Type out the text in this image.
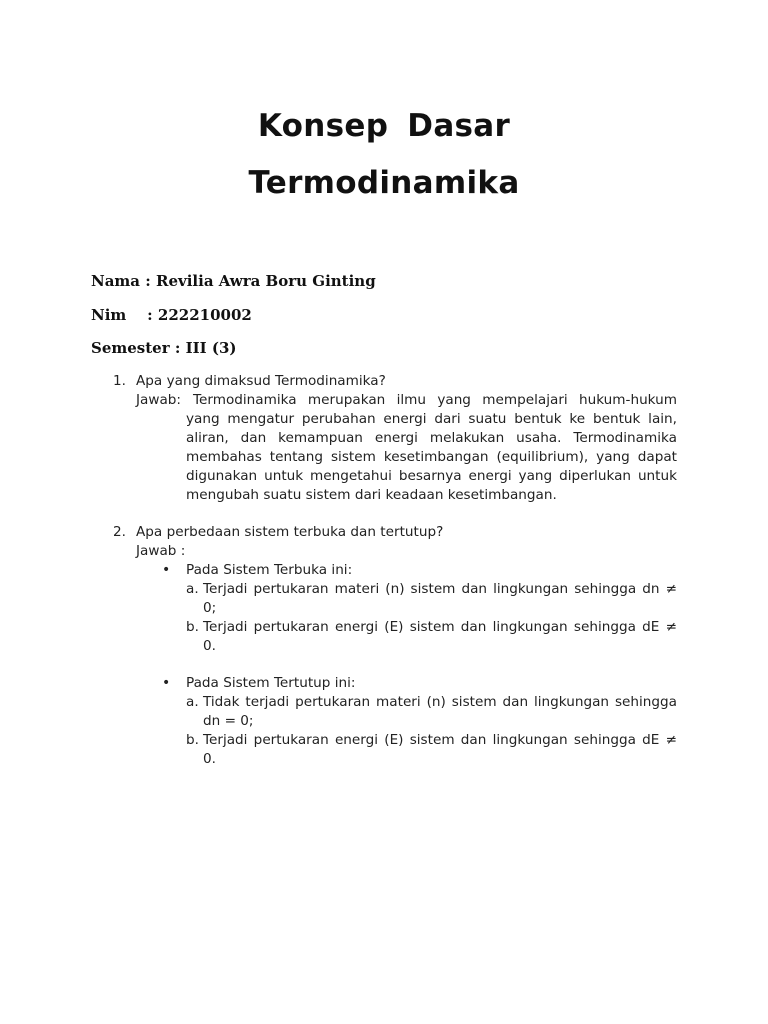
Konsep Dasar
Termodinamika
Nama : Revilia Awra Boru Ginting
Nim    : 222210002
Semester : III (3)
1. Apa yang dimaksud Termodinamika?
Jawab: Termodinamika merupakan ilmu yang mempelajari hukum-hukum
yang mengatur perubahan energi dari suatu bentuk ke bentuk lain,
aliran, dan kemampuan energi melakukan usaha. Termodinamika
membahas tentang sistem kesetimbangan (equilibrium), yang dapat
digunakan untuk mengetahui besarnya energi yang diperlukan untuk
mengubah suatu sistem dari keadaan kesetimbangan.
2. Apa perbedaan sistem terbuka dan tertutup?
Jawab :
• Pada Sistem Terbuka ini:
a. Terjadi pertukaran materi (n) sistem dan lingkungan sehingga dn ≠
0;
b. Terjadi pertukaran energi (E) sistem dan lingkungan sehingga dE ≠
0.
• Pada Sistem Tertutup ini:
a. Tidak terjadi pertukaran materi (n) sistem dan lingkungan sehingga
dn = 0;
b. Terjadi pertukaran energi (E) sistem dan lingkungan sehingga dE ≠
0.
